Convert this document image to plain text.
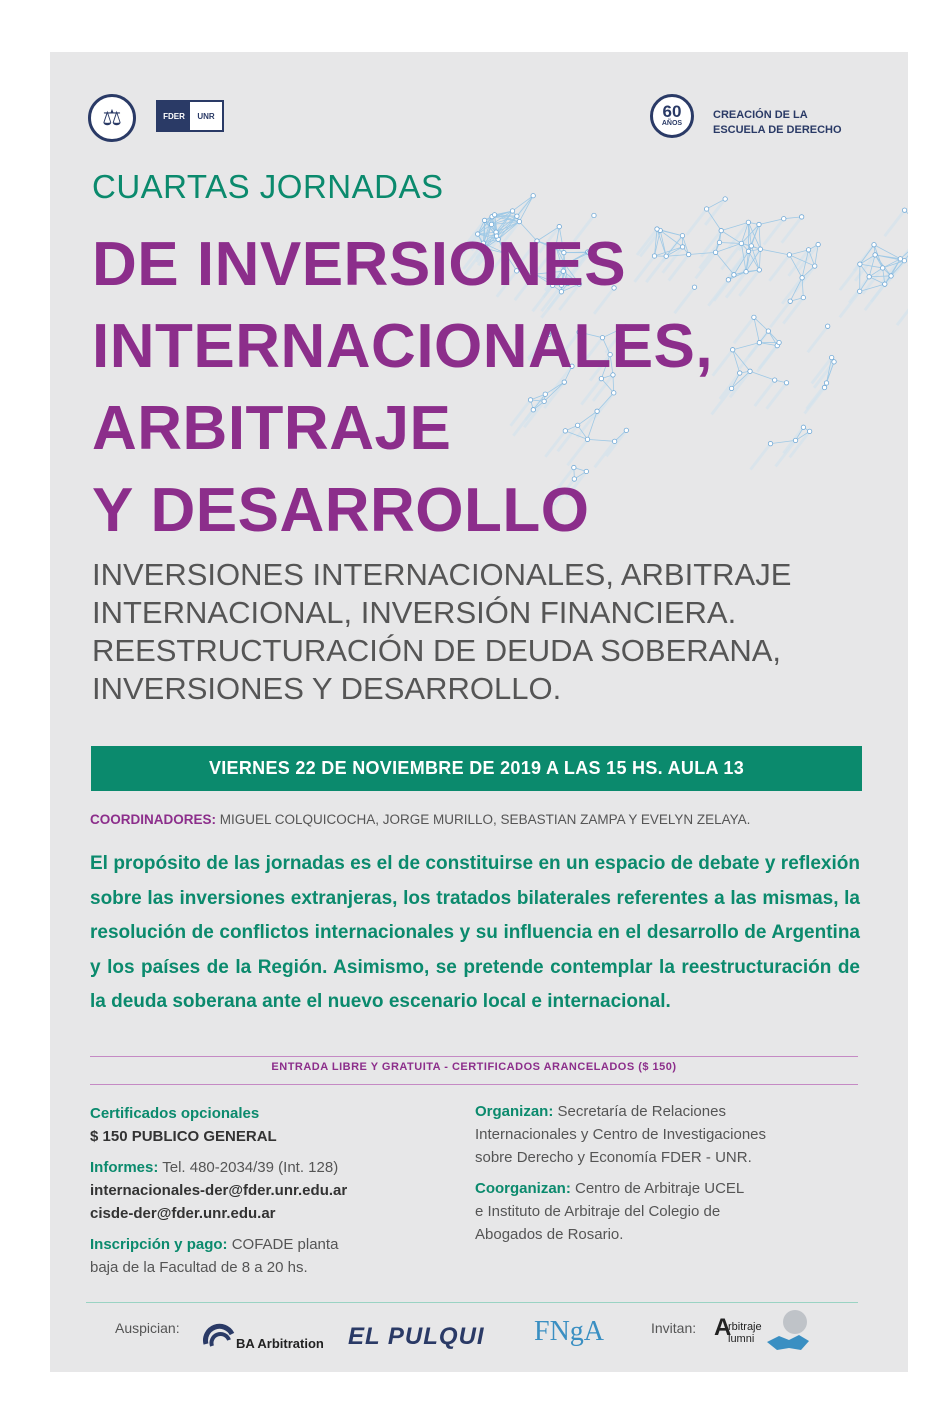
⚖	FDER	UNR	60
AÑOS
CREACIÓN DE LA
ESCUELA DE DERECHO
CUARTAS JORNADAS
DE INVERSIONES
INTERNACIONALES,
ARBITRAJE
Y DESARROLLO
INVERSIONES INTERNACIONALES, ARBITRAJE
INTERNACIONAL, INVERSIÓN FINANCIERA.
REESTRUCTURACIÓN DE DEUDA SOBERANA,
INVERSIONES Y DESARROLLO.
VIERNES 22 DE NOVIEMBRE DE 2019 A LAS 15 HS. AULA 13
COORDINADORES: MIGUEL COLQUICOCHA, JORGE MURILLO, SEBASTIAN ZAMPA Y EVELYN ZELAYA.
El propósito de las jornadas es el de constituirse en un espacio de debate y reflexión sobre las inversiones extranjeras, los tratados bilaterales referentes a las mismas, la resolución de conflictos internacionales y su influencia en el desarrollo de Argentina y los países de la Región. Asimismo, se pretende contemplar la reestructuración de la deuda soberana ante el nuevo escenario local e internacional.
ENTRADA LIBRE Y GRATUITA - CERTIFICADOS ARANCELADOS ($ 150)
Certificados opcionales
$ 150 PUBLICO GENERAL
Informes: Tel. 480-2034/39 (Int. 128)
internacionales-der@fder.unr.edu.ar
cisde-der@fder.unr.edu.ar
Inscripción y pago: COFADE planta
baja de la Facultad de 8 a 20 hs.
Organizan: Secretaría de Relaciones
Internacionales y Centro de Investigaciones
sobre Derecho y Economía FDER - UNR.
Coorganizan: Centro de Arbitraje UCEL
e Instituto de Arbitraje del Colegio de
Abogados de Rosario.
Auspician:
BA Arbitration EL PULQUI FNgA	Invitan: A
rbitraje
lumni
